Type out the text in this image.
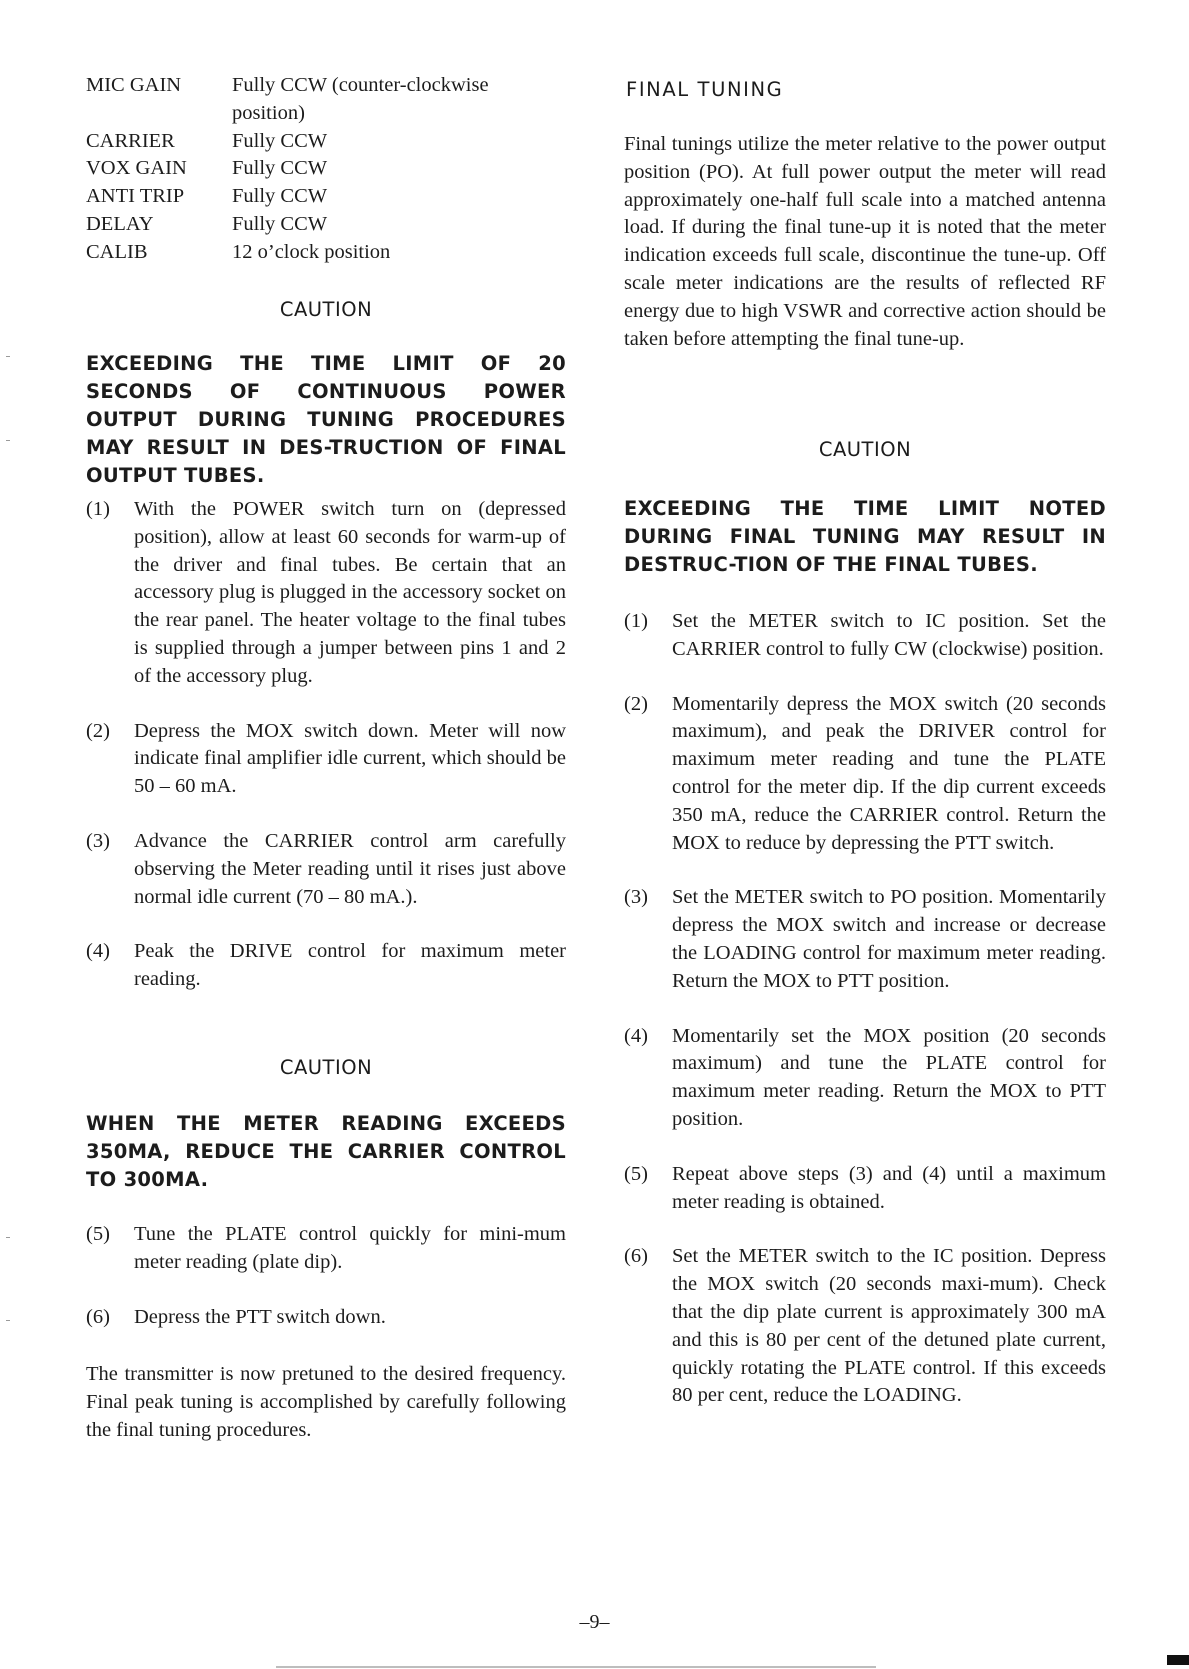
MIC GAIN	Fully CCW (counter-clockwise position)
CARRIER	Fully CCW
VOX GAIN	Fully CCW
ANTI TRIP	Fully CCW
DELAY	Fully CCW
CALIB	12 o’clock position
CAUTION
EXCEEDING THE TIME LIMIT OF 20 SECONDS OF CONTINUOUS POWER OUTPUT DURING TUNING PROCEDURES MAY RESULT IN DES-TRUCTION OF FINAL OUTPUT TUBES.
(1)	With the POWER switch turn on (depressed position), allow at least 60 seconds for warm-up of the driver and final tubes. Be certain that an accessory plug is plugged in the accessory socket on the rear panel. The heater voltage to the final tubes is supplied through a jumper between pins 1 and 2 of the accessory plug.
(2)	Depress the MOX switch down. Meter will now indicate final amplifier idle current, which should be 50 – 60 mA.
(3)	Advance the CARRIER control arm carefully observing the Meter reading until it rises just above normal idle current (70 – 80 mA.).
(4)	Peak the DRIVE control for maximum meter reading.
CAUTION
WHEN THE METER READING EXCEEDS 350MA, REDUCE THE CARRIER CONTROL TO 300MA.
(5)	Tune the PLATE control quickly for mini-mum meter reading (plate dip).
(6)	Depress the PTT switch down.
The transmitter is now pretuned to the desired frequency. Final peak tuning is accomplished by carefully following the final tuning procedures.
FINAL TUNING
Final tunings utilize the meter relative to the power output position (PO). At full power output the meter will read approximately one-half full scale into a matched antenna load. If during the final tune-up it is noted that the meter indication exceeds full scale, discontinue the tune-up. Off scale meter indications are the results of reflected RF energy due to high VSWR and corrective action should be taken before attempting the final tune-up.
CAUTION
EXCEEDING THE TIME LIMIT NOTED DURING FINAL TUNING MAY RESULT IN DESTRUC-TION OF THE FINAL TUBES.
(1)	Set the METER switch to IC position. Set the CARRIER control to fully CW (clockwise) position.
(2)	Momentarily depress the MOX switch (20 seconds maximum), and peak the DRIVER control for maximum meter reading and tune the PLATE control for the meter dip. If the dip current exceeds 350 mA, reduce the CARRIER control. Return the MOX to reduce by depressing the PTT switch.
(3)	Set the METER switch to PO position. Momentarily depress the MOX switch and increase or decrease the LOADING control for maximum meter reading. Return the MOX to PTT position.
(4)	Momentarily set the MOX position (20 seconds maximum) and tune the PLATE control for maximum meter reading. Return the MOX to PTT position.
(5)	Repeat above steps (3) and (4) until a maximum meter reading is obtained.
(6)	Set the METER switch to the IC position. Depress the MOX switch (20 seconds maxi-mum). Check that the dip plate current is approximately 300 mA and this is 80 per cent of the detuned plate current, quickly rotating the PLATE control. If this exceeds 80 per cent, reduce the LOADING.
–9–
